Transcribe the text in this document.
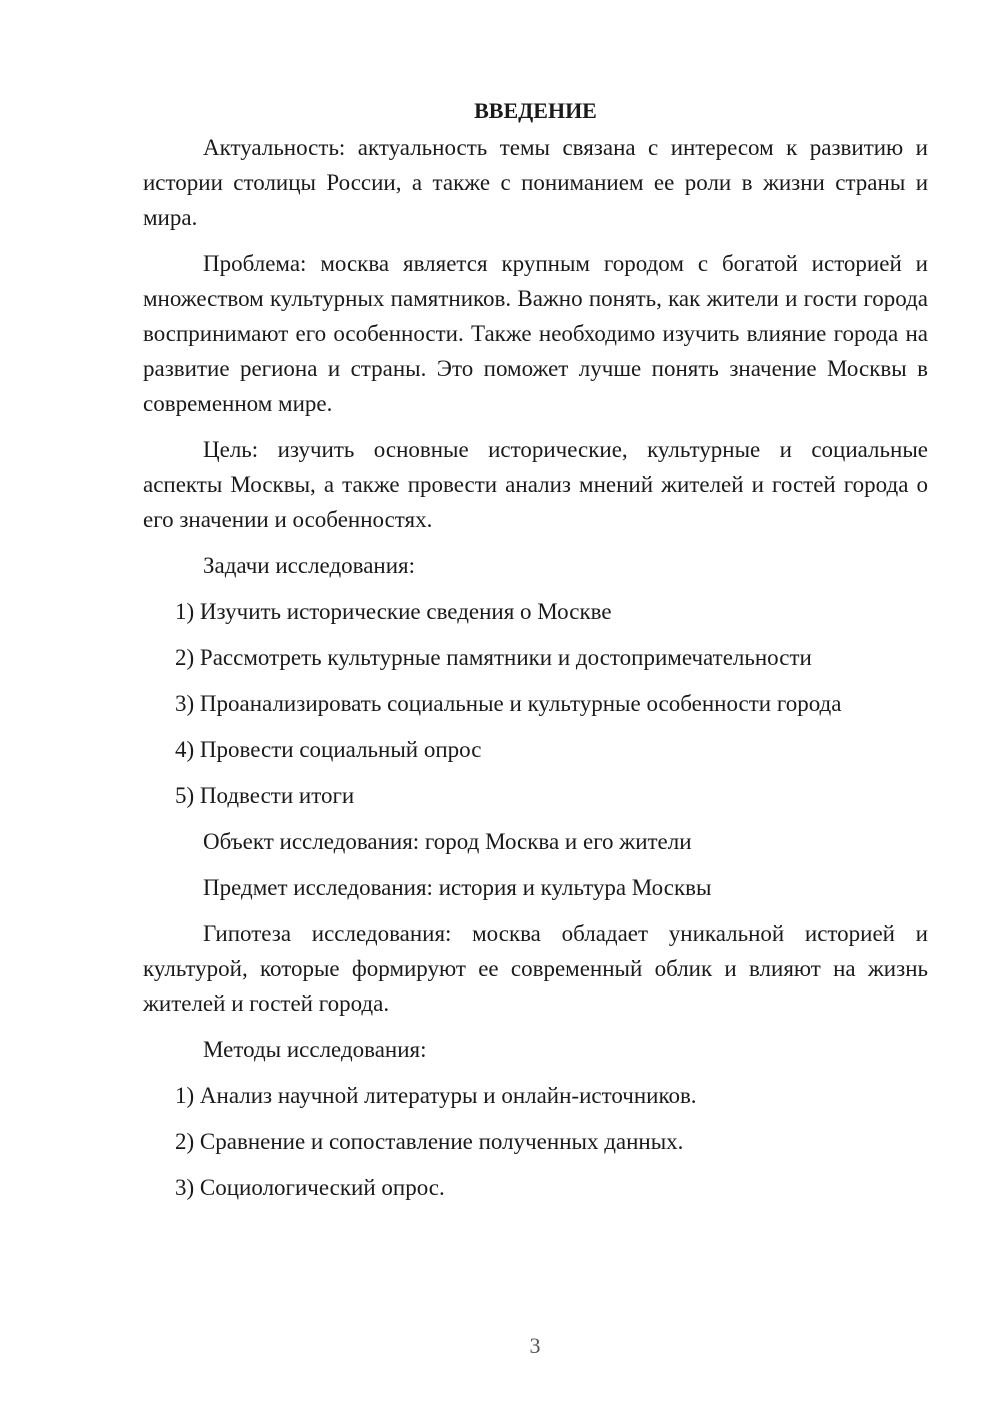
ВВЕДЕНИЕ

Актуальность: актуальность темы связана с интересом к развитию и истории столицы России, а также с пониманием ее роли в жизни страны и мира.

Проблема: москва является крупным городом с богатой историей и множеством культурных памятников. Важно понять, как жители и гости города воспринимают его особенности. Также необходимо изучить влияние города на развитие региона и страны. Это поможет лучше понять значение Москвы в современном мире.

Цель: изучить основные исторические, культурные и социальные аспекты Москвы, а также провести анализ мнений жителей и гостей города о его значении и особенностях.

Задачи исследования:
1) Изучить исторические сведения о Москве
2) Рассмотреть культурные памятники и достопримечательности
3) Проанализировать социальные и культурные особенности города
4) Провести социальный опрос
5) Подвести итоги
Объект исследования: город Москва и его жители
Предмет исследования: история и культура Москвы

Гипотеза исследования: москва обладает уникальной историей и культурой, которые формируют ее современный облик и влияют на жизнь жителей и гостей города.

Методы исследования:
1) Анализ научной литературы и онлайн-источников.
2) Сравнение и сопоставление полученных данных.
3) Социологический опрос.
3
